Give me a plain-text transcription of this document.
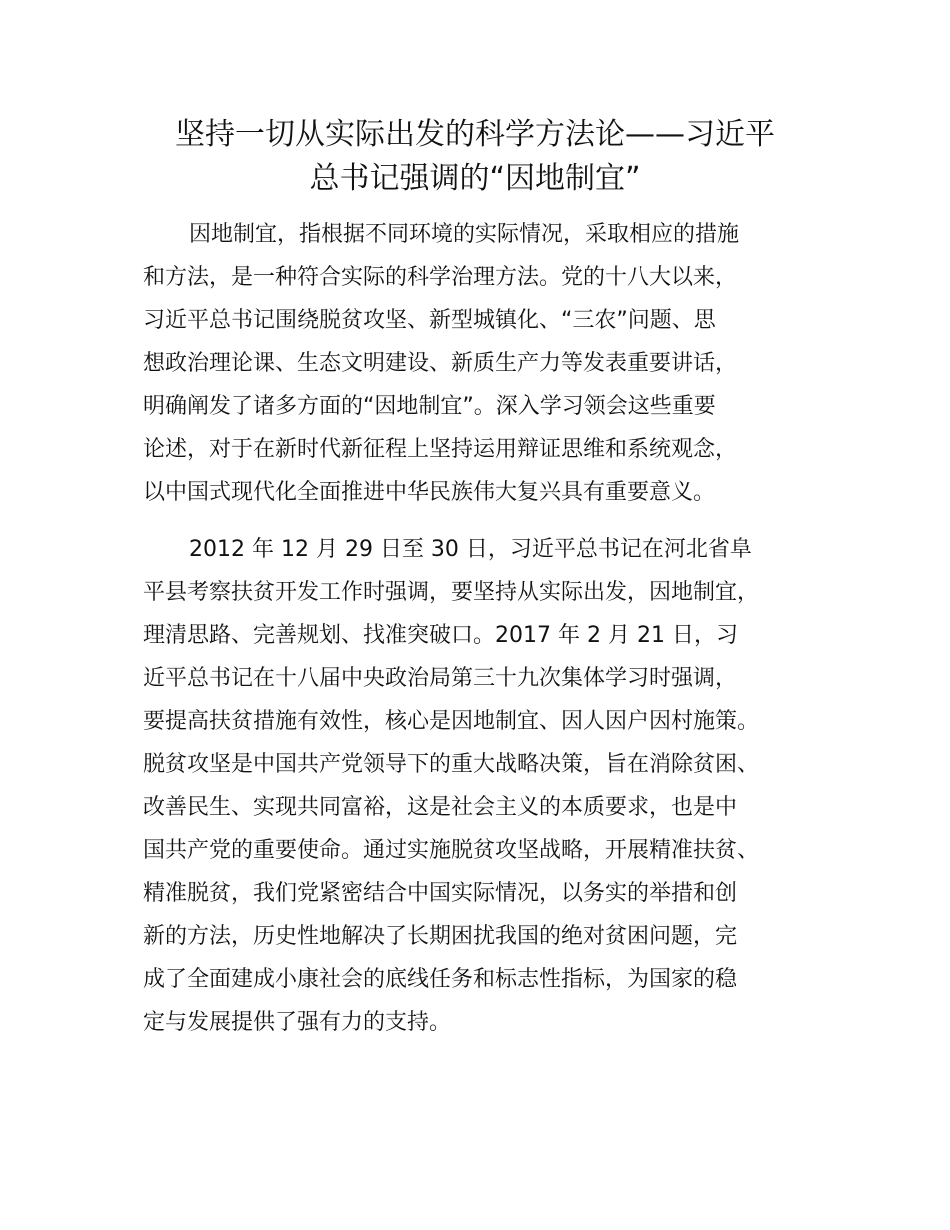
坚持一切从实际出发的科学方法论——习近平
总书记强调的“因地制宜”

因地制宜，指根据不同环境的实际情况，采取相应的措施
和方法，是一种符合实际的科学治理方法。党的十八大以来，
习近平总书记围绕脱贫攻坚、新型城镇化、“三农”问题、思
想政治理论课、生态文明建设、新质生产力等发表重要讲话，
明确阐发了诸多方面的“因地制宜”。深入学习领会这些重要
论述，对于在新时代新征程上坚持运用辩证思维和系统观念，
以中国式现代化全面推进中华民族伟大复兴具有重要意义。

2012 年 12 月 29 日至 30 日，习近平总书记在河北省阜
平县考察扶贫开发工作时强调，要坚持从实际出发，因地制宜，
理清思路、完善规划、找准突破口。2017 年 2 月 21 日，习
近平总书记在十八届中央政治局第三十九次集体学习时强调，
要提高扶贫措施有效性，核心是因地制宜、因人因户因村施策。
脱贫攻坚是中国共产党领导下的重大战略决策，旨在消除贫困、
改善民生、实现共同富裕，这是社会主义的本质要求，也是中
国共产党的重要使命。通过实施脱贫攻坚战略，开展精准扶贫、
精准脱贫，我们党紧密结合中国实际情况，以务实的举措和创
新的方法，历史性地解决了长期困扰我国的绝对贫困问题，完
成了全面建成小康社会的底线任务和标志性指标，为国家的稳
定与发展提供了强有力的支持。
